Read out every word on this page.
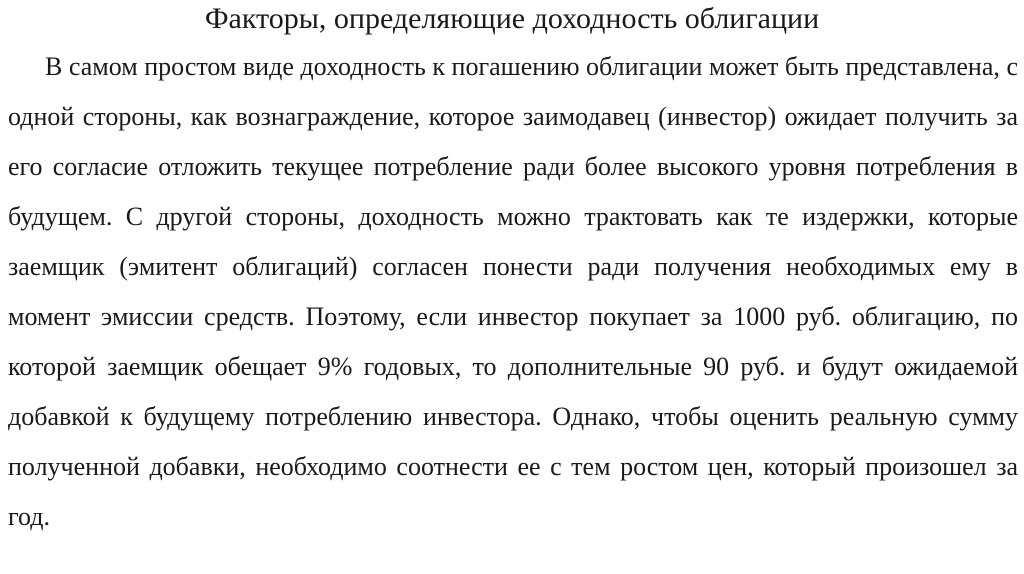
Факторы, определяющие доходность облигации

В самом простом виде доходность к погашению облигации может быть представлена, с одной стороны, как вознаграждение, которое заимодавец (инвестор) ожидает получить за его согласие отложить текущее потребление ради более высокого уровня потребления в будущем. С другой стороны, доходность можно трактовать как те издержки, которые заемщик (эмитент облигаций) согласен понести ради получения необходимых ему в момент эмиссии средств. Поэтому, если инвестор покупает за 1000 руб. облигацию, по которой заемщик обещает 9% годовых, то дополнительные 90 руб. и будут ожидаемой добавкой к будущему потреблению инвестора. Однако, чтобы оценить реальную сумму полученной добавки, необходимо соотнести ее с тем ростом цен, который произошел за год.
